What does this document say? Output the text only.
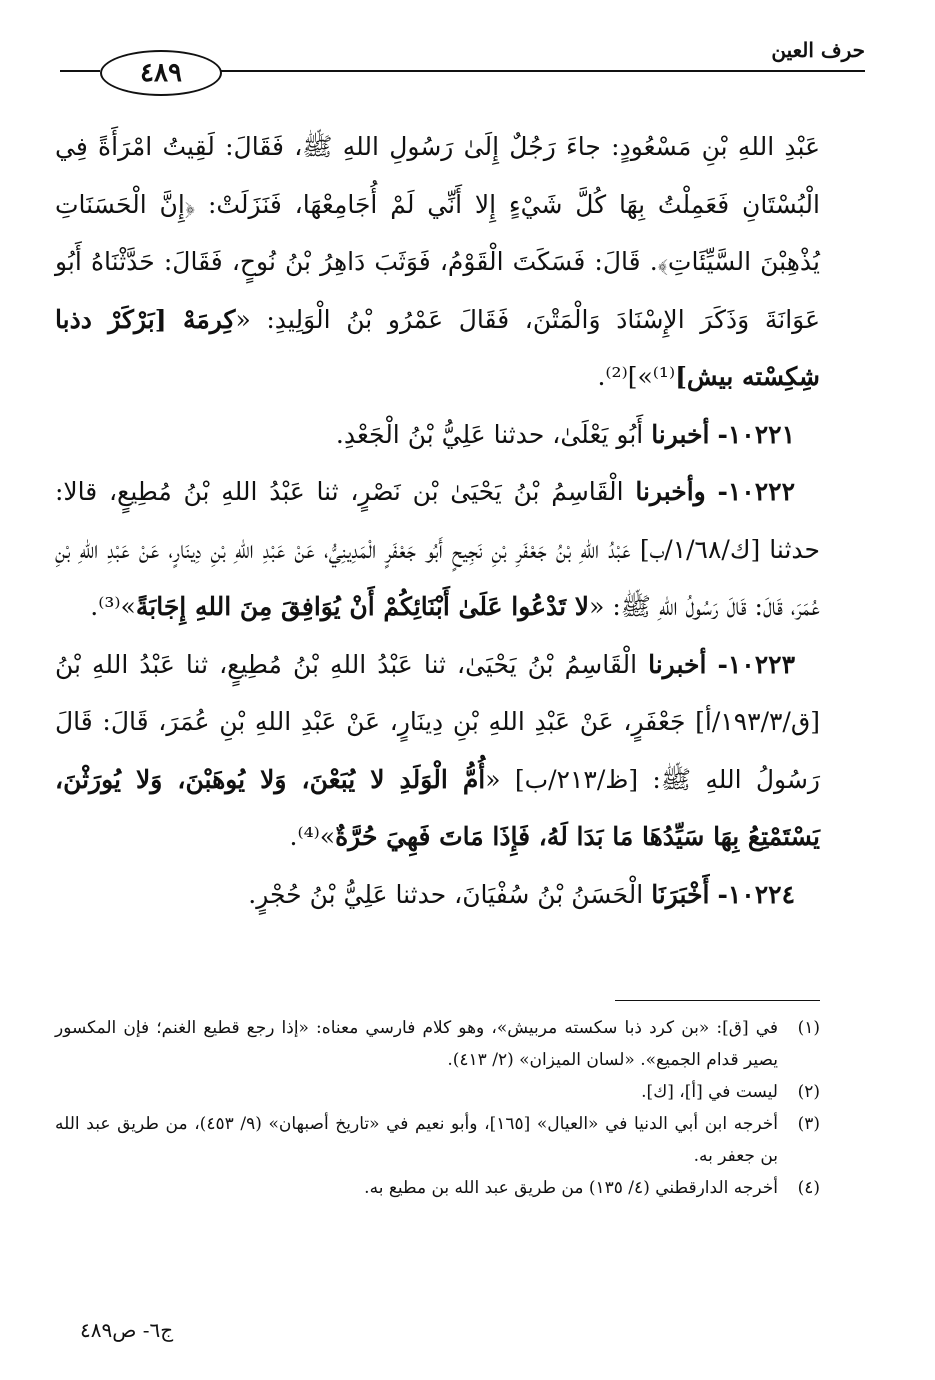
حرف العين
٤٨٩

عَبْدِ اللهِ بْنِ مَسْعُودٍ: جاءَ رَجُلٌ إِلَىٰ رَسُولِ اللهِ ﷺ، فَقَالَ: لَقِيتُ امْرَأَةً فِي الْبُسْتَانِ فَعَمِلْتُ بِهَا كُلَّ شَيْءٍ إِلا أَنِّي لَمْ أُجَامِعْهَا، فَنَزَلَتْ: ﴿إِنَّ الْحَسَنَاتِ يُذْهِبْنَ السَّيِّئَاتِ﴾. قَالَ: فَسَكَتَ الْقَوْمُ، فَوَثَبَ دَاهِرُ بْنُ نُوحٍ، فَقَالَ: حَدَّثْنَاهُ أَبُو عَوَانَةَ وَذَكَرَ الإِسْنَادَ وَالْمَتْنَ، فَقَالَ عَمْرُو بْنُ الْوَلِيدِ: «كِرمَهْ [بَرْكَرْ دذبا شِكِسْته بيش]⁽¹⁾»]⁽²⁾.

 ١٠٢٢١- أخبرنا أَبُو يَعْلَىٰ، حدثنا عَلِيُّ بْنُ الْجَعْدِ.

 ١٠٢٢٢- وأخبرنا الْقَاسِمُ بْنُ يَحْيَىٰ بْن نَصْرٍ، ثنا عَبْدُ اللهِ بْنُ مُطِيعٍ، قالا: حدثنا [ك/١/٦٨/ب] عَبْدُ اللهِ بْنُ جَعْفَرِ بْنِ نَجِيحٍ أَبُو جَعْفَرٍ الْمَدِينِيُّ، عَنْ عَبْدِ اللهِ بْنِ دِينَارٍ، عَنْ عَبْدِ اللهِ بْنِ عُمَرَ، قَالَ: قَالَ رَسُولُ اللهِ ﷺ: «لا تَدْعُوا عَلَىٰ أَبْنَائِكُمْ أَنْ يُوَافِقَ مِنَ اللهِ إِجَابَةً»⁽³⁾.

 ١٠٢٢٣- أخبرنا الْقَاسِمُ بْنُ يَحْيَىٰ، ثنا عَبْدُ اللهِ بْنُ مُطِيعٍ، ثنا عَبْدُ اللهِ بْنُ [ق/١٩٣/٣/أ] جَعْفَرٍ، عَنْ عَبْدِ اللهِ بْنِ دِينَارٍ، عَنْ عَبْدِ اللهِ بْنِ عُمَرَ، قَالَ: قَالَ رَسُولُ اللهِ ﷺ: [ظ/٢١٣/ب] «أُمُّ الْوَلَدِ لا يُبَعْنَ، وَلا يُوهَبْنَ، وَلا يُورَثْنَ، يَسْتَمْتِعُ بِهَا سَيِّدُهَا مَا بَدَا لَهُ، فَإِذَا مَاتَ فَهِيَ حُرَّةٌ»⁽⁴⁾.

 ١٠٢٢٤- أَخْبَرَنَا الْحَسَنُ بْنُ سُفْيَانَ، حدثنا عَلِيُّ بْنُ حُجْرٍ.

(١)
في [ق]: «بن كرد ذبا سكسته مربيش»، وهو كلام فارسي معناه: «إذا رجع قطيع الغنم؛ فإن المكسور يصير قدام الجميع». «لسان الميزان» (٢/ ٤١٣).
(٢)
ليست في [أ]، [ك].
(٣)
أخرجه ابن أبي الدنيا في «العيال» [١٦٥]، وأبو نعيم في «تاريخ أصبهان» (٩/ ٤٥٣)، من طريق عبد الله بن جعفر به.
(٤)
أخرجه الدارقطني (٤/ ١٣٥) من طريق عبد الله بن مطيع به.
ج٦- ص٤٨٩
